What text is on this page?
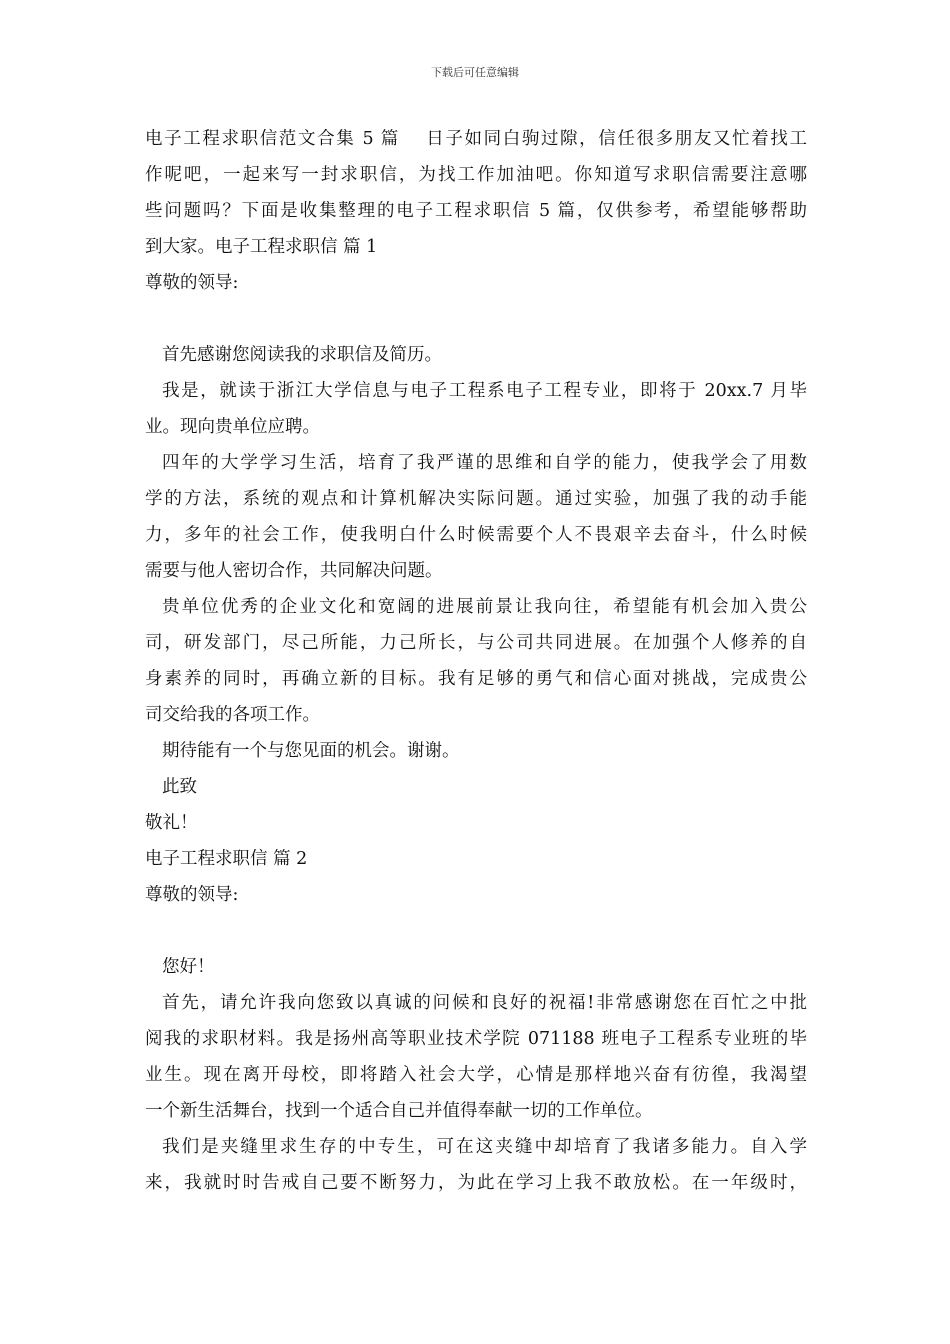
下载后可任意编辑
电子工程求职信范文合集 5 篇　 日子如同白驹过隙，信任很多朋友又忙着找工
作呢吧，一起来写一封求职信，为找工作加油吧。你知道写求职信需要注意哪
些问题吗？下面是收集整理的电子工程求职信 5 篇，仅供参考，希望能够帮助
到大家。电子工程求职信 篇 1
尊敬的领导:
首先感谢您阅读我的求职信及简历。
我是，就读于浙江大学信息与电子工程系电子工程专业，即将于 20xx.7 月毕
业。现向贵单位应聘。
四年的大学学习生活，培育了我严谨的思维和自学的能力，使我学会了用数
学的方法，系统的观点和计算机解决实际问题。通过实验，加强了我的动手能
力，多年的社会工作，使我明白什么时候需要个人不畏艰辛去奋斗，什么时候
需要与他人密切合作，共同解决问题。
贵单位优秀的企业文化和宽阔的进展前景让我向往，希望能有机会加入贵公
司，研发部门，尽己所能，力己所长，与公司共同进展。在加强个人修养的自
身素养的同时，再确立新的目标。我有足够的勇气和信心面对挑战，完成贵公
司交给我的各项工作。
期待能有一个与您见面的机会。谢谢。
此致
敬礼！
电子工程求职信 篇 2
尊敬的领导:
您好！
首先，请允许我向您致以真诚的问候和良好的祝福!非常感谢您在百忙之中批
阅我的求职材料。我是扬州高等职业技术学院 071188 班电子工程系专业班的毕
业生。现在离开母校，即将踏入社会大学，心情是那样地兴奋有彷徨，我渴望
一个新生活舞台，找到一个适合自己并值得奉献一切的工作单位。
我们是夹缝里求生存的中专生，可在这夹缝中却培育了我诸多能力。自入学
来，我就时时告戒自己要不断努力，为此在学习上我不敢放松。在一年级时，
